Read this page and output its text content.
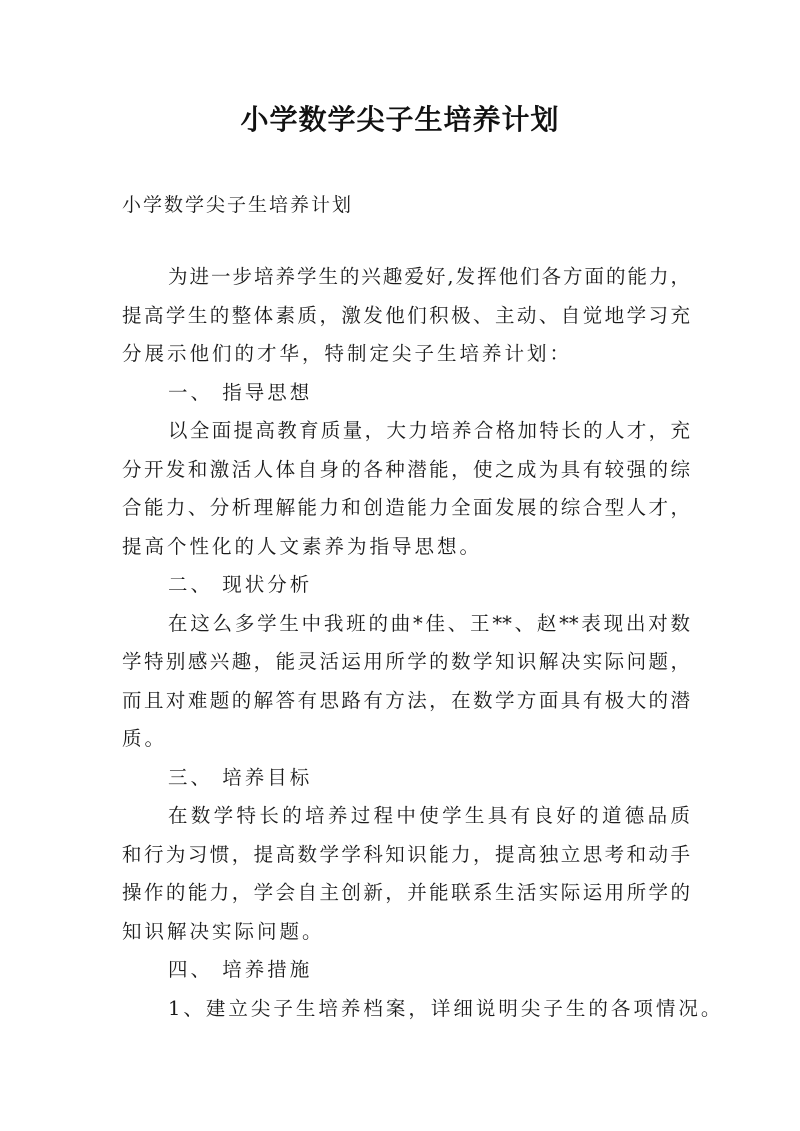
小学数学尖子生培养计划
小学数学尖子生培养计划
为进一步培养学生的兴趣爱好,发挥他们各方面的能力，
提高学生的整体素质，激发他们积极、主动、自觉地学习充
分展示他们的才华，特制定尖子生培养计划：
一、 指导思想
以全面提高教育质量，大力培养合格加特长的人才，充
分开发和激活人体自身的各种潜能，使之成为具有较强的综
合能力、分析理解能力和创造能力全面发展的综合型人才，
提高个性化的人文素养为指导思想。
二、 现状分析
在这么多学生中我班的曲*佳、王**、赵**表现出对数
学特别感兴趣，能灵活运用所学的数学知识解决实际问题，
而且对难题的解答有思路有方法，在数学方面具有极大的潜
质。
三、 培养目标
在数学特长的培养过程中使学生具有良好的道德品质
和行为习惯，提高数学学科知识能力，提高独立思考和动手
操作的能力，学会自主创新，并能联系生活实际运用所学的
知识解决实际问题。
四、 培养措施
1、建立尖子生培养档案，详细说明尖子生的各项情况。
